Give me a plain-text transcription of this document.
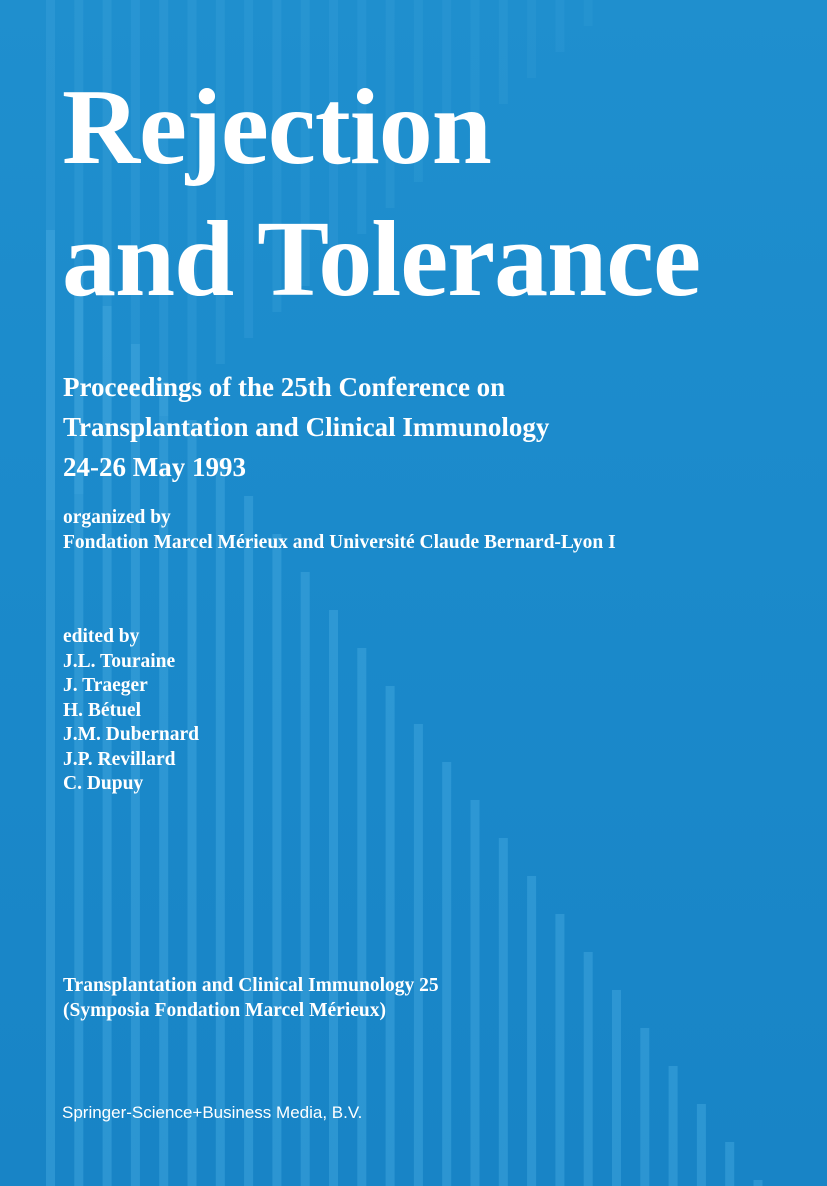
Rejection
and Tolerance
Proceedings of the 25th Conference on
Transplantation and Clinical Immunology
24-26 May 1993
organized by
Fondation Marcel Mérieux and Université Claude Bernard-Lyon I
edited by
J.L. Touraine
J. Traeger
H. Bétuel
J.M. Dubernard
J.P. Revillard
C. Dupuy
Transplantation and Clinical Immunology 25
(Symposia Fondation Marcel Mérieux)
Springer-Science+Business Media, B.V.
